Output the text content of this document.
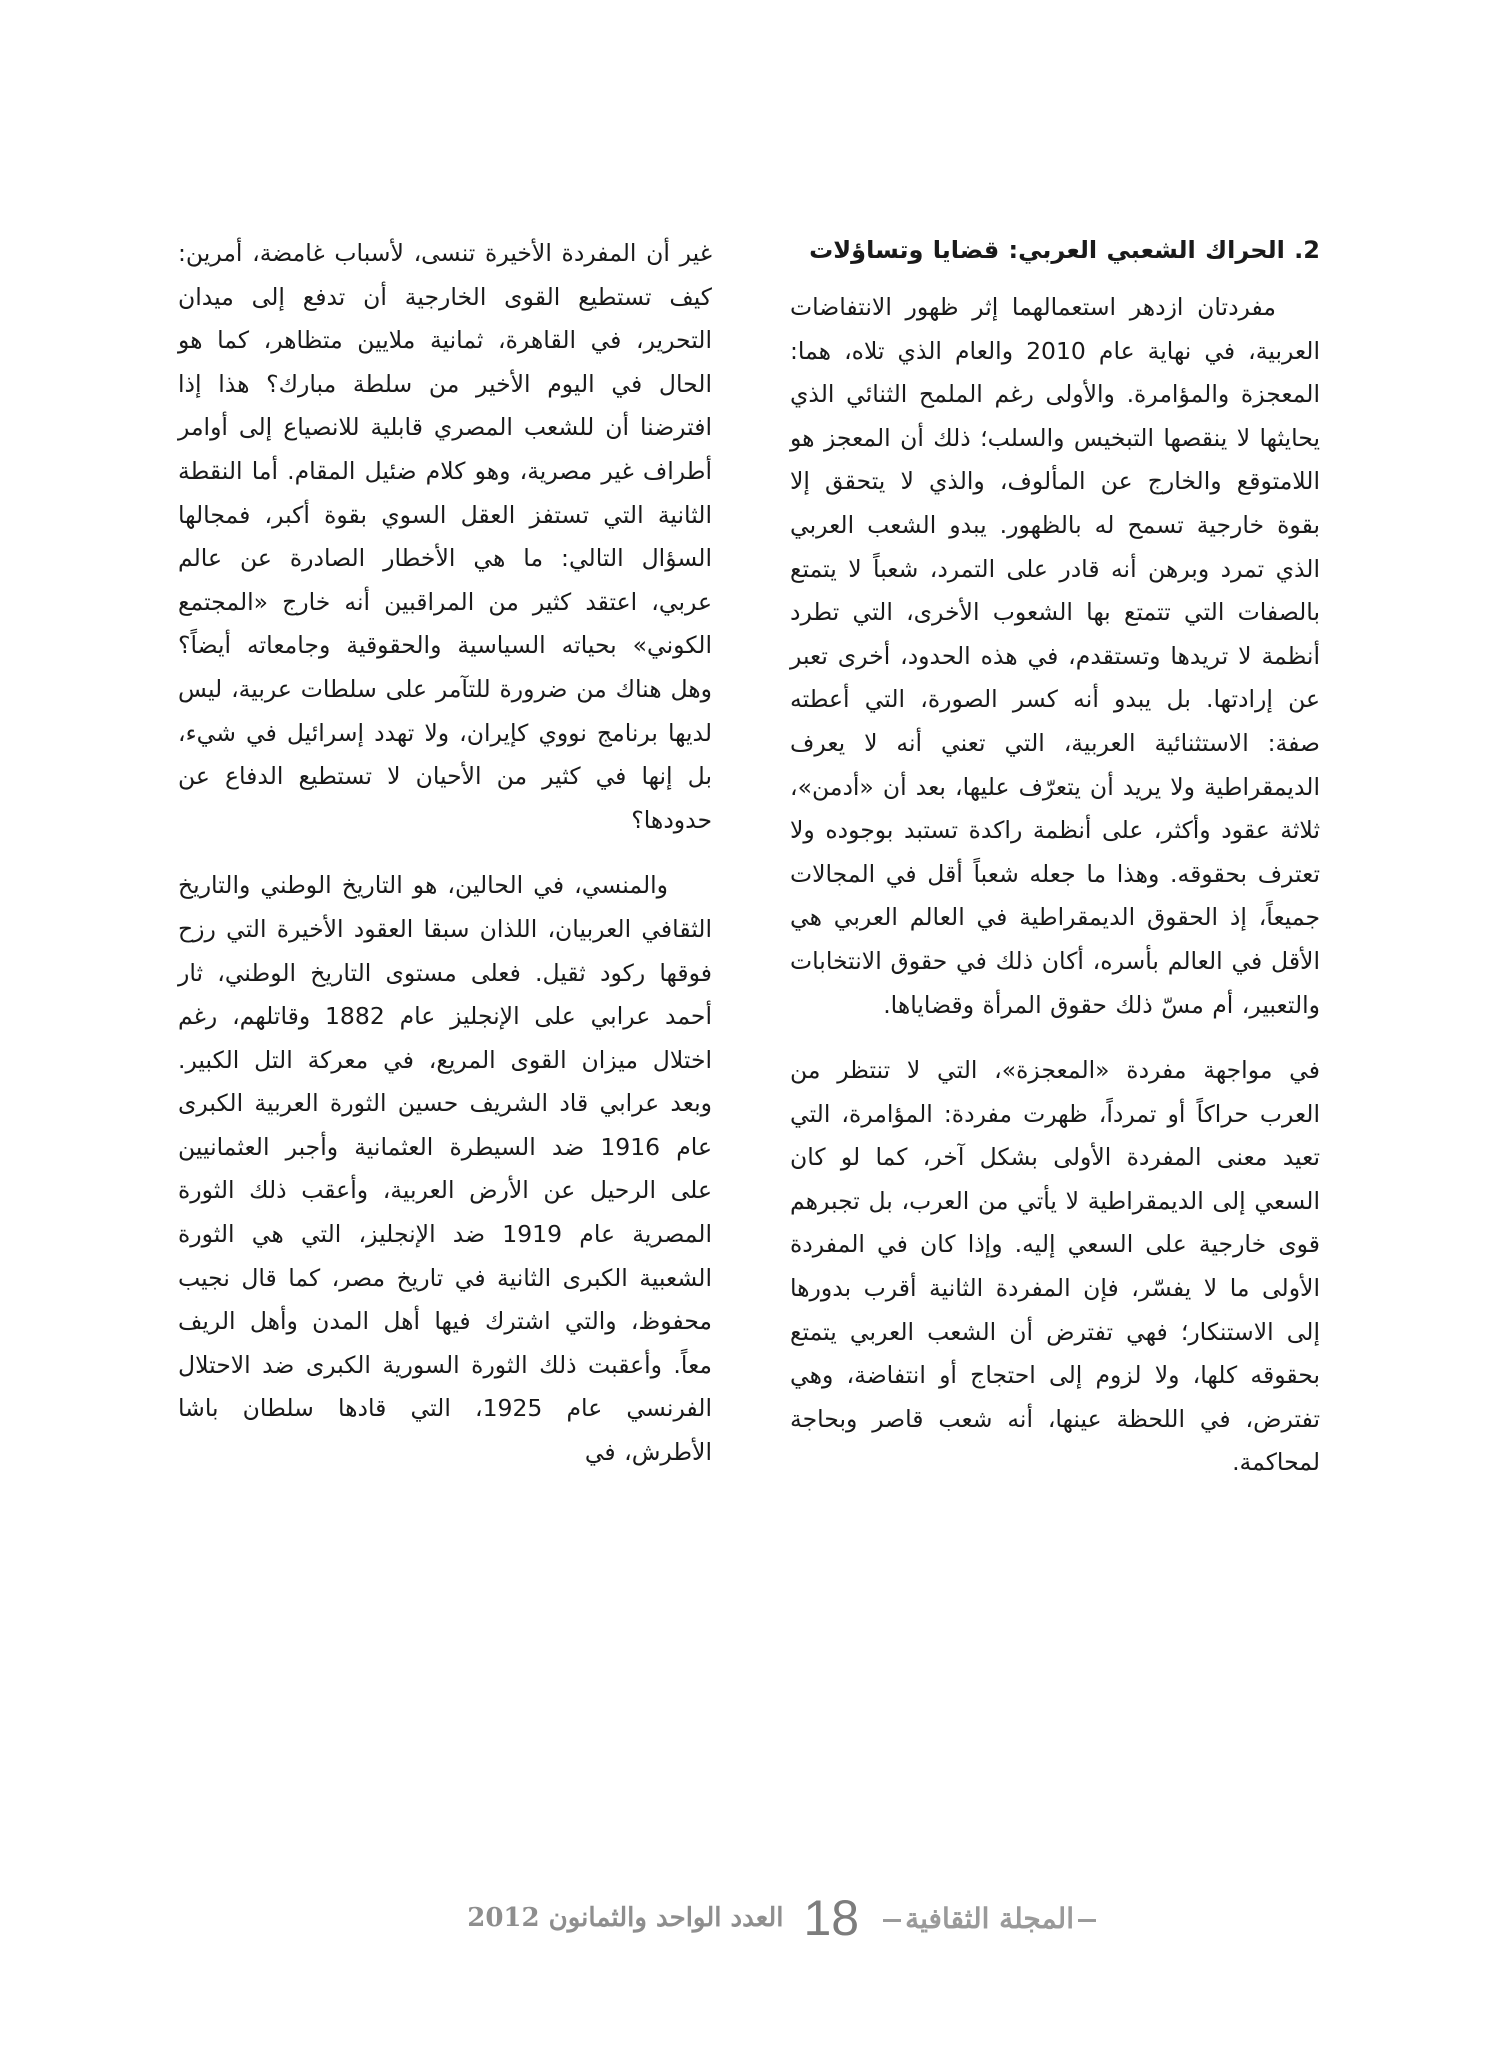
2. الحراك الشعبي العربي: قضايا وتساؤلات

مفردتان ازدهر استعمالهما إثر ظهور الانتفاضات العربية، في نهاية عام 2010 والعام الذي تلاه، هما: المعجزة والمؤامرة. والأولى رغم الملمح الثنائي الذي يحايثها لا ينقصها التبخيس والسلب؛ ذلك أن المعجز هو اللامتوقع والخارج عن المألوف، والذي لا يتحقق إلا بقوة خارجية تسمح له بالظهور. يبدو الشعب العربي الذي تمرد وبرهن أنه قادر على التمرد، شعباً لا يتمتع بالصفات التي تتمتع بها الشعوب الأخرى، التي تطرد أنظمة لا تريدها وتستقدم، في هذه الحدود، أخرى تعبر عن إرادتها. بل يبدو أنه كسر الصورة، التي أعطته صفة: الاستثنائية العربية، التي تعني أنه لا يعرف الديمقراطية ولا يريد أن يتعرّف عليها، بعد أن «أدمن»، ثلاثة عقود وأكثر، على أنظمة راكدة تستبد بوجوده ولا تعترف بحقوقه. وهذا ما جعله شعباً أقل في المجالات جميعاً، إذ الحقوق الديمقراطية في العالم العربي هي الأقل في العالم بأسره، أكان ذلك في حقوق الانتخابات والتعبير، أم مسّ ذلك حقوق المرأة وقضاياها.

في مواجهة مفردة «المعجزة»، التي لا تنتظر من العرب حراكاً أو تمرداً، ظهرت مفردة: المؤامرة، التي تعيد معنى المفردة الأولى بشكل آخر، كما لو كان السعي إلى الديمقراطية لا يأتي من العرب، بل تجبرهم قوى خارجية على السعي إليه. وإذا كان في المفردة الأولى ما لا يفسّر، فإن المفردة الثانية أقرب بدورها إلى الاستنكار؛ فهي تفترض أن الشعب العربي يتمتع بحقوقه كلها، ولا لزوم إلى احتجاج أو انتفاضة، وهي تفترض، في اللحظة عينها، أنه شعب قاصر وبحاجة لمحاكمة.

غير أن المفردة الأخيرة تنسى، لأسباب غامضة، أمرين: كيف تستطيع القوى الخارجية أن تدفع إلى ميدان التحرير، في القاهرة، ثمانية ملايين متظاهر، كما هو الحال في اليوم الأخير من سلطة مبارك؟ هذا إذا افترضنا أن للشعب المصري قابلية للانصياع إلى أوامر أطراف غير مصرية، وهو كلام ضئيل المقام. أما النقطة الثانية التي تستفز العقل السوي بقوة أكبر، فمجالها السؤال التالي: ما هي الأخطار الصادرة عن عالم عربي، اعتقد كثير من المراقبين أنه خارج «المجتمع الكوني» بحياته السياسية والحقوقية وجامعاته أيضاً؟ وهل هناك من ضرورة للتآمر على سلطات عربية، ليس لديها برنامج نووي كإيران، ولا تهدد إسرائيل في شيء، بل إنها في كثير من الأحيان لا تستطيع الدفاع عن حدودها؟

والمنسي، في الحالين، هو التاريخ الوطني والتاريخ الثقافي العربيان، اللذان سبقا العقود الأخيرة التي رزح فوقها ركود ثقيل. فعلى مستوى التاريخ الوطني، ثار أحمد عرابي على الإنجليز عام 1882 وقاتلهم، رغم اختلال ميزان القوى المريع، في معركة التل الكبير. وبعد عرابي قاد الشريف حسين الثورة العربية الكبرى عام 1916 ضد السيطرة العثمانية وأجبر العثمانيين على الرحيل عن الأرض العربية، وأعقب ذلك الثورة المصرية عام 1919 ضد الإنجليز، التي هي الثورة الشعبية الكبرى الثانية في تاريخ مصر، كما قال نجيب محفوظ، والتي اشترك فيها أهل المدن وأهل الريف معاً. وأعقبت ذلك الثورة السورية الكبرى ضد الاحتلال الفرنسي عام 1925، التي قادها سلطان باشا الأطرش، في

المجلة الثقافية
18
العدد الواحد والثمانون 2012
